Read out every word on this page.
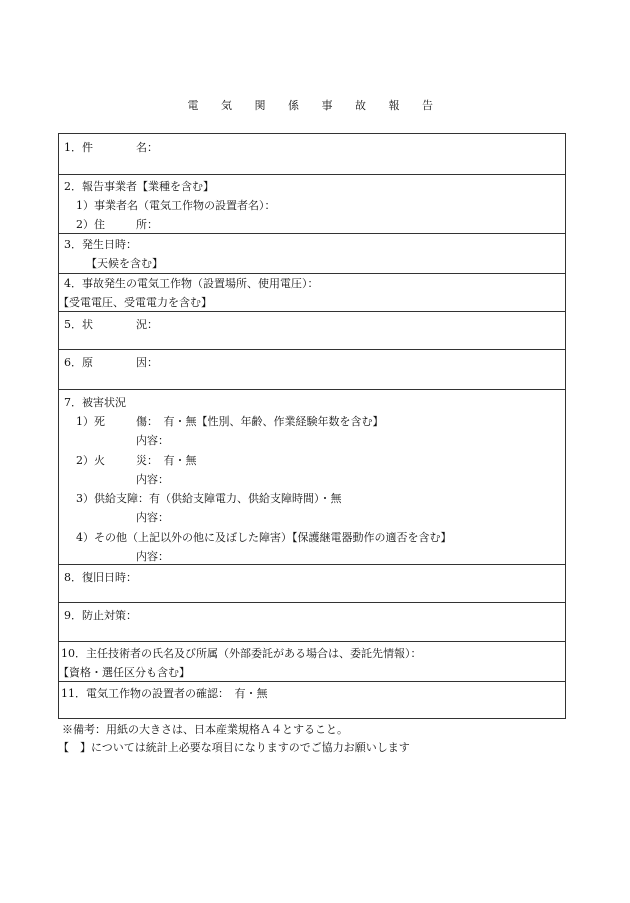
電 気 関 係 事 故 報 告
1．件	名：
2．報告事業者【業種を含む】
1）事業者名（電気工作物の設置者名）：
2）住	所：
3．発生日時：
【天候を含む】
4．事故発生の電気工作物（設置場所、使用電圧）：
【受電電圧、受電電力を含む】
5．状	況：
6．原	因：
7．被害状況
1）死	傷：　有・無【性別、年齢、作業経験年数を含む】
内容：
2）火	災：　有・無
内容：
3）供給支障：有（供給支障電力、供給支障時間）・無
内容：
4）その他（上記以外の他に及ぼした障害）【保護継電器動作の適否を含む】
内容：
8．復旧日時：
9．防止対策：
10．主任技術者の氏名及び所属（外部委託がある場合は、委託先情報）：
【資格・選任区分も含む】
11．電気工作物の設置者の確認：　有・無
※備考：用紙の大きさは、日本産業規格Ａ４とすること。
【　】については統計上必要な項目になりますのでご協力お願いします
